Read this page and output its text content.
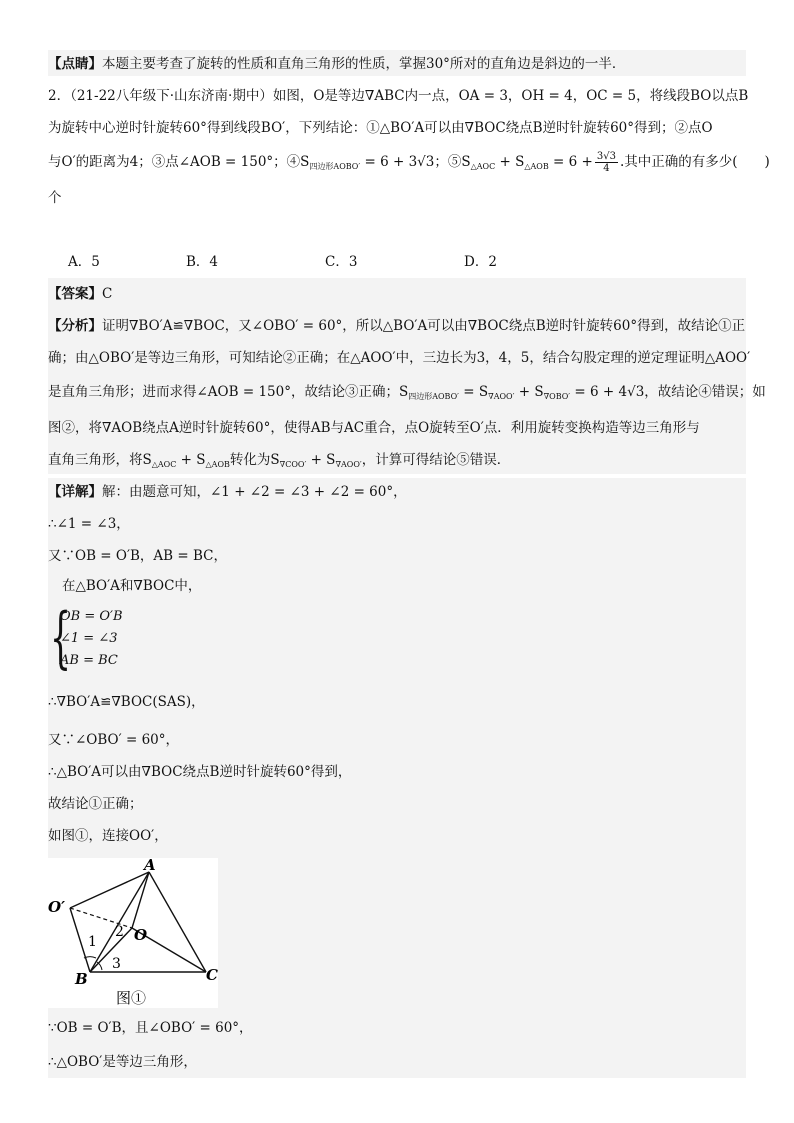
【点睛】本题主要考查了旋转的性质和直角三角形的性质，掌握30°所对的直角边是斜边的一半．
2．（21-22八年级下·山东济南·期中）如图，O是等边∇ABC内一点，OA = 3，OH = 4，OC = 5，将线段BO以点B
为旋转中心逆时针旋转60°得到线段BO′，下列结论：①△BO′A可以由∇BOC绕点B逆时针旋转60°得到；②点O
与O′的距离为4；③点∠AOB = 150°；$④S_{四边形AOBO'} = 6 + 3√3$；$⑤S_{\triangle AOC} + S_{\triangle AOB} = 6 + \frac{3√3}{4}$ .其中正确的有多少(　　)
个
A．5	B．4	C．3	D．2
【答案】C
【分析】证明∇BO′A≌∇BOC，又∠OBO′ = 60°，所以△BO′A可以由∇BOC绕点B逆时针旋转60°得到，故结论①正
确；由△OBO′是等边三角形，可知结论②正确；在△AOO′中，三边长为3，4，5，结合勾股定理的逆定理证明△AOO′
是直角三角形；进而求得∠AOB = 150°，故结论③正确；$S_{四边形AOBO'} = S_{\nabla AOO'} + S_{\nabla OBO'} = 6 + 4√3$，故结论④错误；如
图②，将∇AOB绕点A逆时针旋转60°，使得AB与AC重合，点O旋转至O′点．利用旋转变换构造等边三角形与
直角三角形，将$S_{\triangle AOC} + S_{\triangle AOB}$转化为$S_{\nabla COO'} + S_{\nabla AOO'}$，计算可得结论⑤错误．
【详解】解：由题意可知，∠1 + ∠2 = ∠3 + ∠2 = 60°，
∴∠1 = ∠3，
又∵OB = O′B，AB = BC，
在△BO′A和∇BOC中，
{
OB = O′B
∠1 = ∠3
AB = BC
∴∇BO′A≌∇BOC(SAS)，
又∵∠OBO′ = 60°，
∴△BO′A可以由∇BOC绕点B逆时针旋转60°得到，
故结论①正确；
如图①，连接OO′，
A
O′
O
B	C
1
2
3
图①
∵OB = O′B，且∠OBO′ = 60°，
∴△OBO′是等边三角形，
